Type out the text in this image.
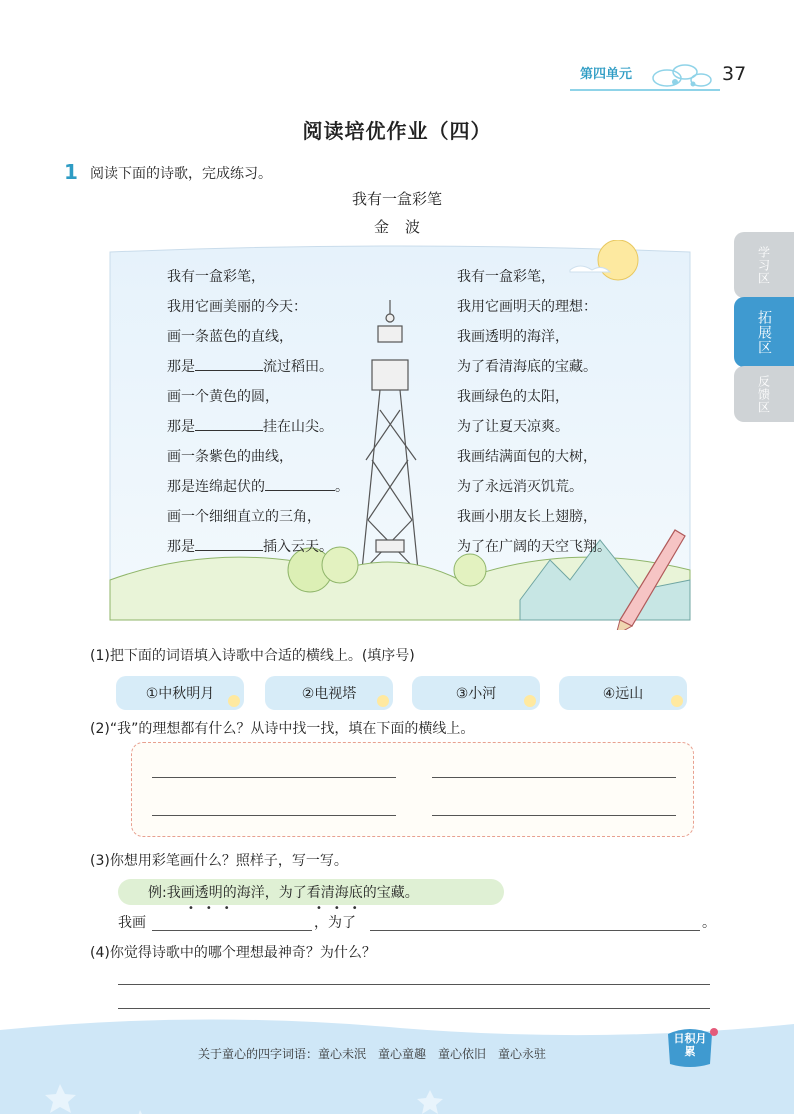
第四单元	37
阅读培优作业（四）
1 阅读下面的诗歌，完成练习。
我有一盒彩笔
金波
学习区
拓展区
反馈区
我有一盒彩笔，
我用它画美丽的今天：
画一条蓝色的直线，
那是	流过稻田。
画一个黄色的圆，
那是	挂在山尖。
画一条紫色的曲线，
那是连绵起伏的	。
画一个细细直立的三角，
那是	插入云天。
我有一盒彩笔，
我用它画明天的理想：
我画透明的海洋，
为了看清海底的宝藏。
我画绿色的太阳，
为了让夏天凉爽。
我画结满面包的大树，
为了永远消灭饥荒。
我画小朋友长上翅膀，
为了在广阔的天空飞翔。
(1)把下面的词语填入诗歌中合适的横线上。(填序号)
①中秋明月	②电视塔	③小河	④远山
(2)“我”的理想都有什么？从诗中找一找，填在下面的横线上。
(3)你想用彩笔画什么？照样子，写一写。
例:我画透明的海洋，为了看清海底的宝藏。
•••	•••
我画	，为了	。
(4)你觉得诗歌中的哪个理想最神奇？为什么？
关于童心的四字词语：童心未泯　童心童趣　童心依旧　童心永驻
日积月累
